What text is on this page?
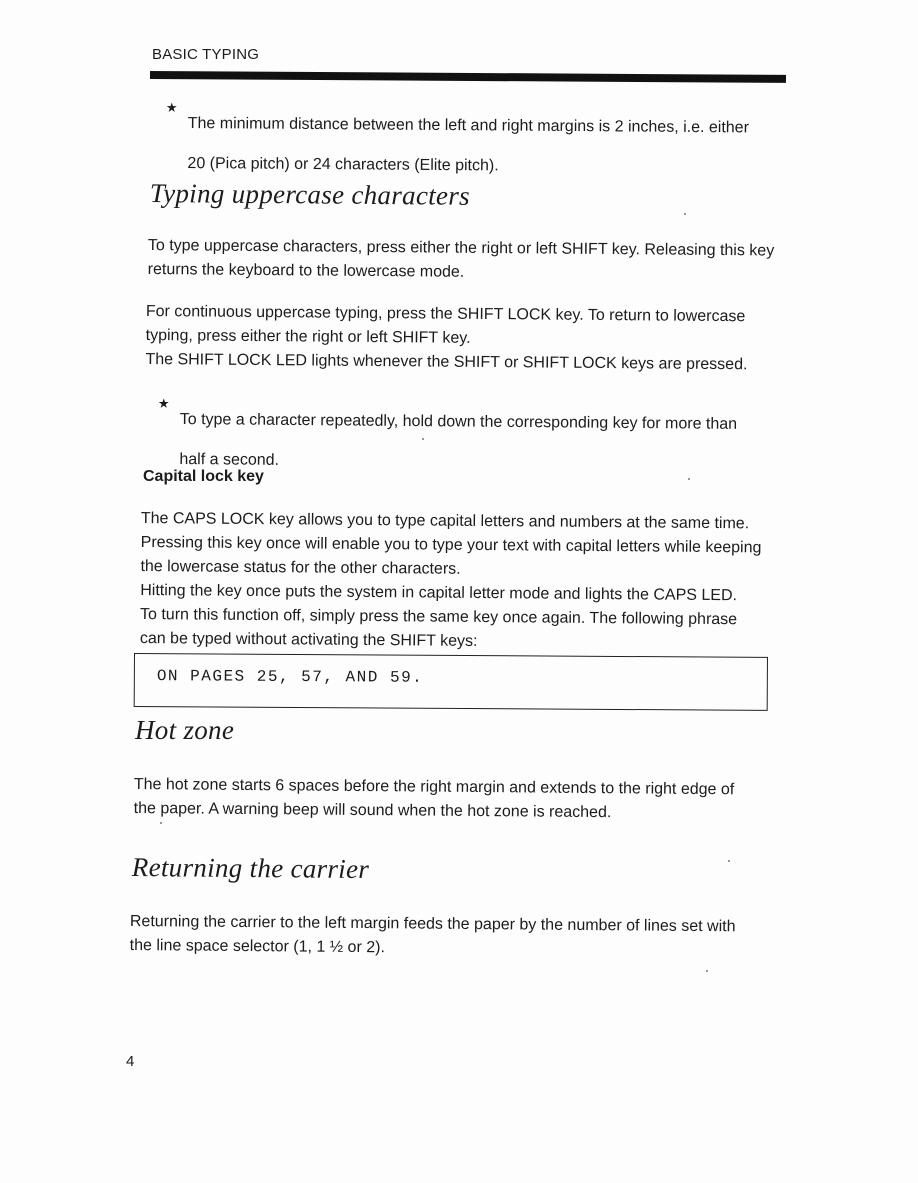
BASIC TYPING
★

The minimum distance between the left and right margins is 2 inches, i.e. either

20 (Pica pitch) or 24 characters (Elite pitch).

Typing uppercase characters

To type uppercase characters, press either the right or left SHIFT key. Releasing this key

returns the keyboard to the lowercase mode.

For continuous uppercase typing, press the SHIFT LOCK key. To return to lowercase

typing, press either the right or left SHIFT key.

The SHIFT LOCK LED lights whenever the SHIFT or SHIFT LOCK keys are pressed.

★

To type a character repeatedly, hold down the corresponding key for more than

half a second.

Capital lock key

The CAPS LOCK key allows you to type capital letters and numbers at the same time.

Pressing this key once will enable you to type your text with capital letters while keeping

the lowercase status for the other characters.

Hitting the key once puts the system in capital letter mode and lights the CAPS LED.

To turn this function off, simply press the same key once again. The following phrase

can be typed without activating the SHIFT keys:

ON PAGES 25, 57, AND 59.
Hot zone

The hot zone starts 6 spaces before the right margin and extends to the right edge of

the paper. A warning beep will sound when the hot zone is reached.

Returning the carrier

Returning the carrier to the left margin feeds the paper by the number of lines set with

the line space selector (1, 1 ½ or 2).

4
